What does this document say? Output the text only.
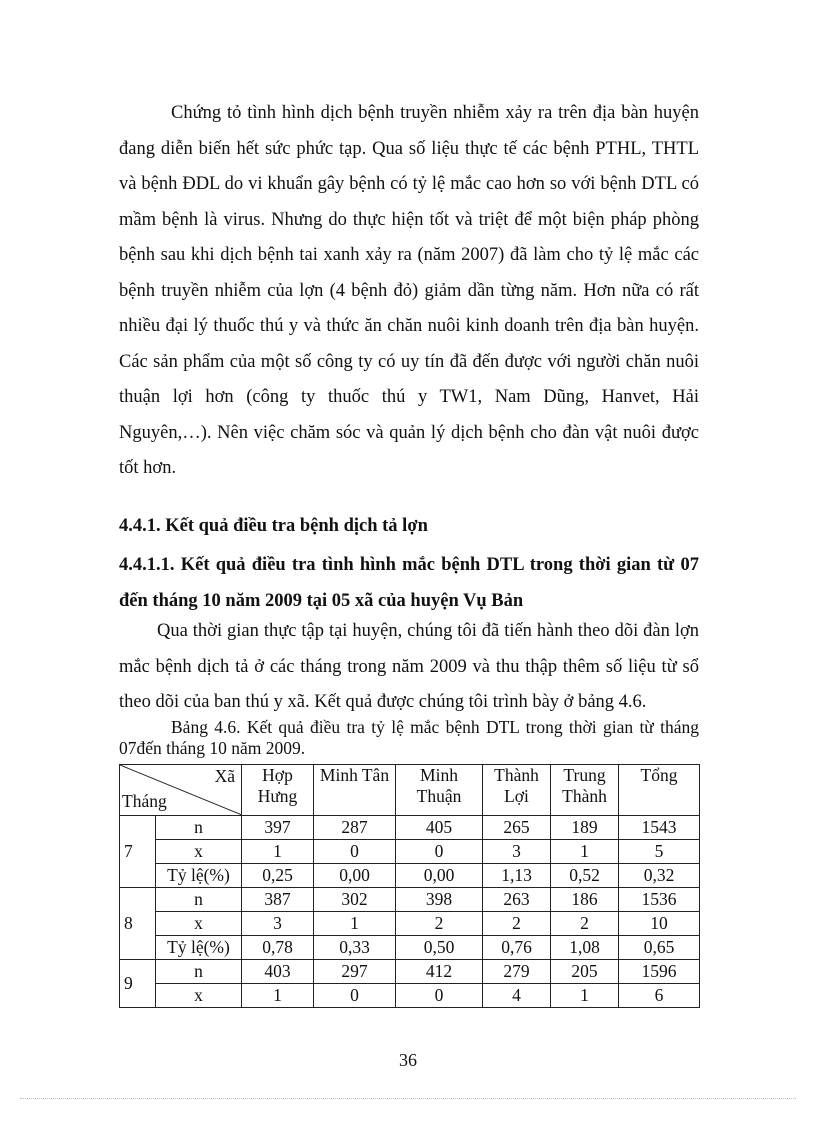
Chứng tỏ tình hình dịch bệnh truyền nhiễm xảy ra trên địa bàn huyện đang diễn biến hết sức phức tạp. Qua số liệu thực tế các bệnh PTHL, THTL và bệnh ĐDL do vi khuẩn gây bệnh có tỷ lệ mắc cao hơn so với bệnh DTL có mầm bệnh là virus. Nhưng do thực hiện tốt và triệt để một biện pháp phòng bệnh sau khi dịch bệnh tai xanh xảy ra (năm 2007) đã làm cho tỷ lệ mắc các bệnh truyền nhiễm của lợn (4 bệnh đỏ) giảm dần từng năm. Hơn nữa có rất nhiều đại lý thuốc thú y và thức ăn chăn nuôi kinh doanh trên địa bàn huyện. Các sản phẩm của một số công ty có uy tín đã đến được với người chăn nuôi thuận lợi hơn (công ty thuốc thú y TW1, Nam Dũng, Hanvet, Hải Nguyên,…). Nên việc chăm sóc và quản lý dịch bệnh cho đàn vật nuôi được tốt hơn.

4.4.1. Kết quả điều tra bệnh dịch tả lợn

4.4.1.1. Kết quả điều tra tình hình mắc bệnh DTL trong thời gian từ 07 đến tháng 10 năm 2009 tại 05 xã của huyện Vụ Bản

Qua thời gian thực tập tại huyện, chúng tôi đã tiến hành theo dõi đàn lợn mắc bệnh dịch tả ở các tháng trong năm 2009 và thu thập thêm số liệu từ sổ theo dõi của ban thú y xã. Kết quả được chúng tôi trình bày ở bảng 4.6.

Bảng 4.6. Kết quả điều tra tỷ lệ mắc bệnh DTL trong thời gian từ tháng 07đến tháng 10 năm 2009.

Xã
Tháng		Hợp Hưng	Minh Tân	Minh Thuận	Thành Lợi	Trung Thành	Tổng
7	n	397	287	405	265	189	1543
	x	1	0	0	3	1	5
	Tỷ lệ(%)	0,25	0,00	0,00	1,13	0,52	0,32
8	n	387	302	398	263	186	1536
	x	3	1	2	2	2	10
	Tỷ lệ(%)	0,78	0,33	0,50	0,76	1,08	0,65
9	n	403	297	412	279	205	1596
	x	1	0	0	4	1	6
36
